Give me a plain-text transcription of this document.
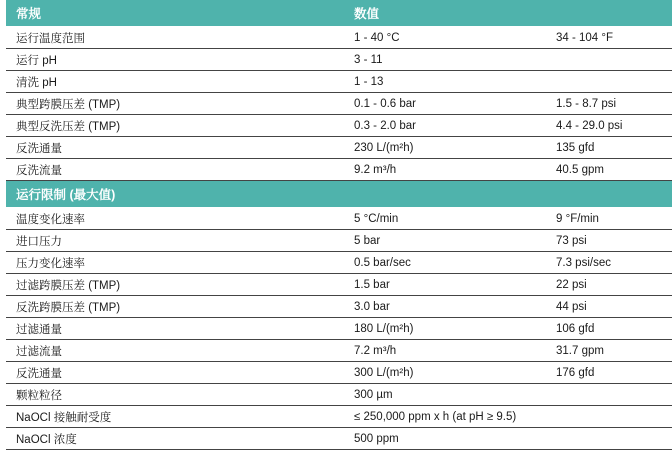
常规	数值	
运行温度范围	1 - 40 °C	34 - 104 °F
运行 pH	3 - 11	
清洗 pH	1 - 13	
典型跨膜压差 (TMP)	0.1 - 0.6 bar	1.5 - 8.7 psi
典型反洗压差 (TMP)	0.3 - 2.0 bar	4.4 - 29.0 psi
反洗通量	230 L/(m²h)	135 gfd
反洗流量	9.2 m³/h	40.5 gpm
运行限制 (最大值)		
温度变化速率	5 °C/min	9 °F/min
进口压力	5 bar	73 psi
压力变化速率	0.5 bar/sec	7.3 psi/sec
过滤跨膜压差 (TMP)	1.5 bar	22 psi
反洗跨膜压差 (TMP)	3.0 bar	44 psi
过滤通量	180 L/(m²h)	106 gfd
过滤流量	7.2 m³/h	31.7 gpm
反洗通量	300 L/(m²h)	176 gfd
颗粒粒径	300 µm	
NaOCl 接触耐受度	≤ 250,000 ppm x h (at pH ≥ 9.5)	
NaOCl 浓度	500 ppm	
